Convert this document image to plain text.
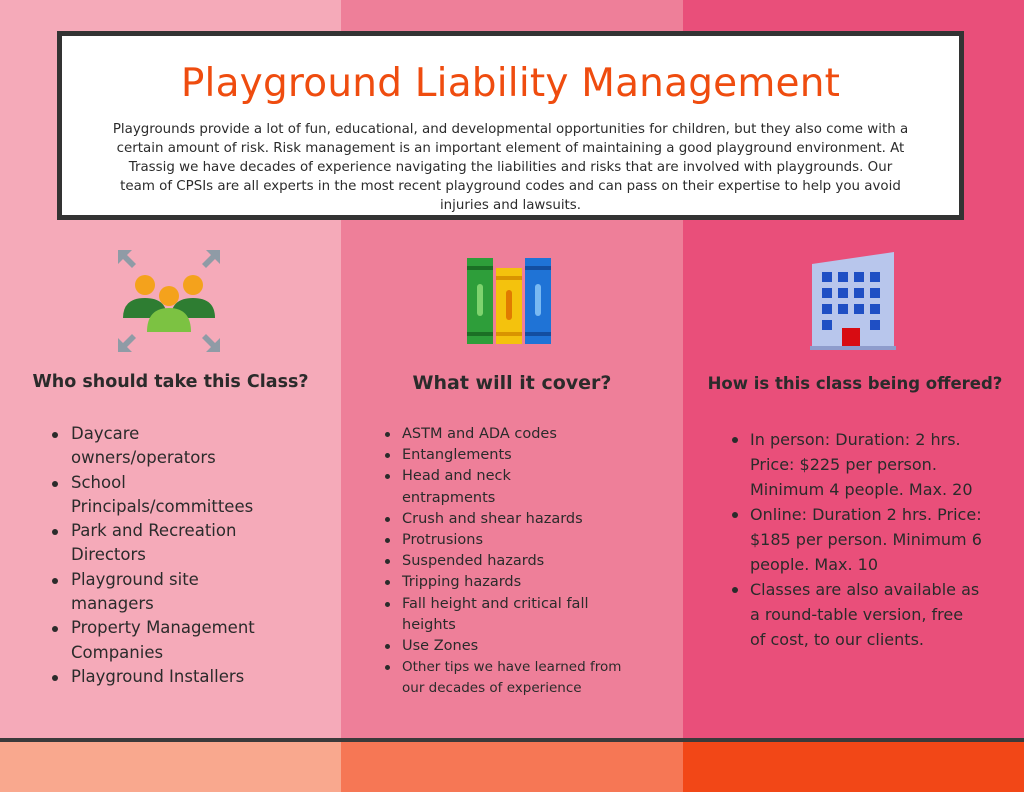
Playground Liability Management
Playgrounds provide a lot of fun, educational, and developmental opportunities for children, but they also come with a certain amount of risk. Risk management is an important element of maintaining a good playground environment. At Trassig we have decades of experience navigating the liabilities and risks that are involved with playgrounds. Our team of CPSIs are all experts in the most recent playground codes and can pass on their expertise to help you avoid injuries and lawsuits.
Who should take this Class?	What will it cover?	How is this class being offered?
Daycare owners/operators
School Principals/committees
Park and Recreation Directors
Playground site managers
Property Management Companies
Playground Installers
ASTM and ADA codes
Entanglements
Head and neck entrapments
Crush and shear hazards
Protrusions
Suspended hazards
Tripping hazards
Fall height and critical fall heights
Use Zones
Other tips we have learned from our decades of experience
In person: Duration: 2 hrs. Price: $225 per person. Minimum 4 people. Max. 20
Online: Duration 2 hrs. Price: $185 per person. Minimum 6 people. Max. 10
Classes are also available as a round-table version, free of cost, to our clients.
